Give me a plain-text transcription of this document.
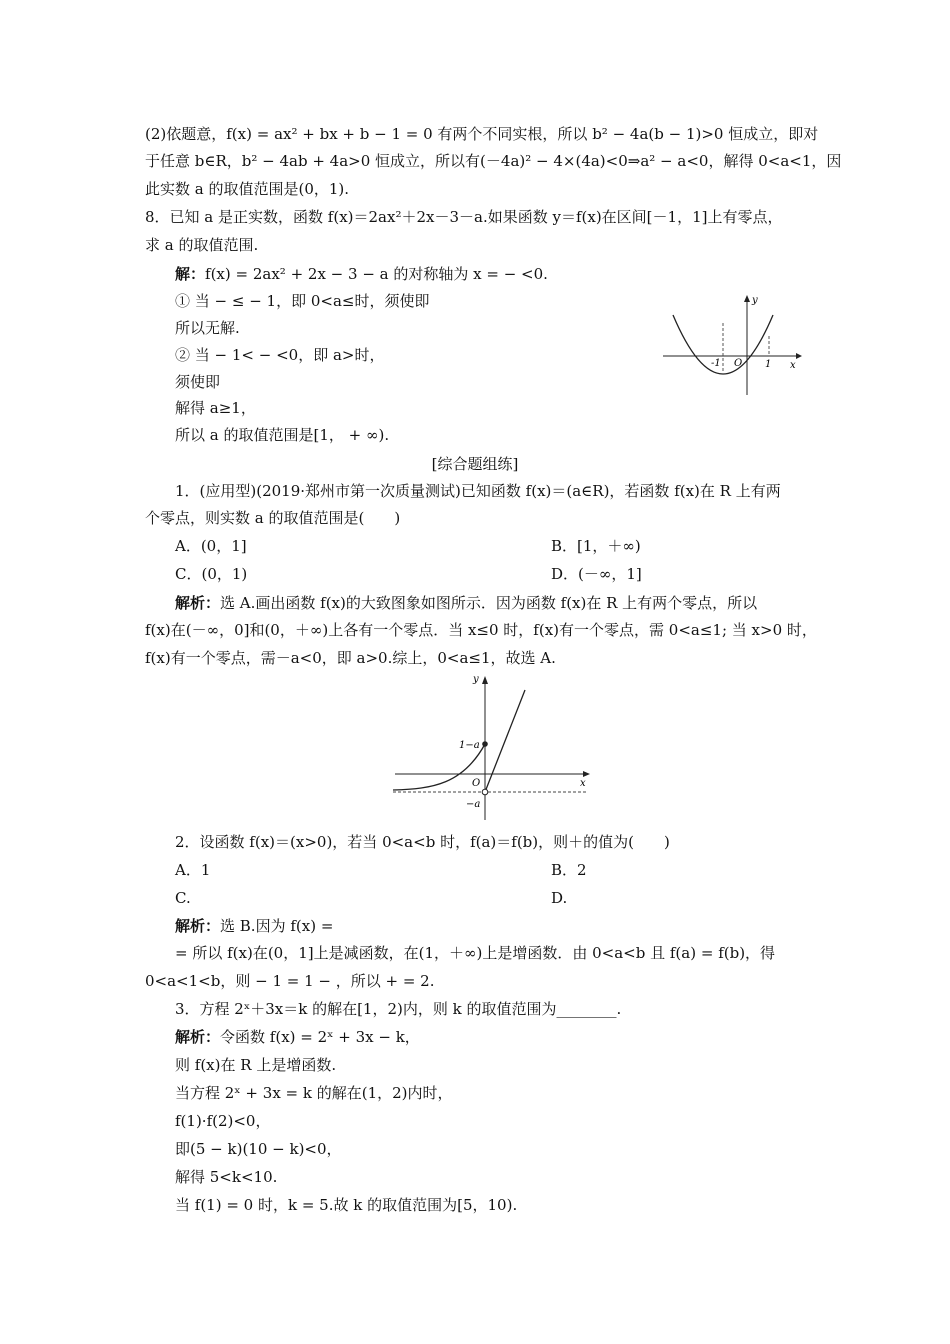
(2)依题意，f(x) = ax² + bx + b − 1 = 0 有两个不同实根，所以 b² − 4a(b − 1)>0 恒成立，即对
于任意 b∈R，b² − 4ab + 4a>0 恒成立，所以有(－4a)² − 4×(4a)<0⇒a² − a<0，解得 0<a<1，因
此实数 a 的取值范围是(0，1).
8．已知 a 是正实数，函数 f(x)＝2ax²＋2x－3－a.如果函数 y＝f(x)在区间[－1，1]上有零点，
求 a 的取值范围.
解：f(x) = 2ax² + 2x − 3 − a 的对称轴为 x = − <0.
① 当 − ≤ − 1，即 0<a≤时，须使即
所以无解.
② 当 − 1< − <0，即 a>时，
须使即
解得 a≥1，
所以 a 的取值范围是[1， + ∞).
y
x
O
-1	1
[综合题组练]
1．(应用型)(2019·郑州市第一次质量测试)已知函数 f(x)＝(a∈R)，若函数 f(x)在 R 上有两
个零点，则实数 a 的取值范围是(　　)
A．(0，1]	B．[1，＋∞)
C．(0，1)	D．(－∞，1]
解析：选 A.画出函数 f(x)的大致图象如图所示．因为函数 f(x)在 R 上有两个零点，所以
f(x)在(－∞，0]和(0，＋∞)上各有一个零点．当 x≤0 时，f(x)有一个零点，需 0<a≤1; 当 x>0 时，
f(x)有一个零点，需－a<0，即 a>0.综上，0<a≤1，故选 A.
y
x
O
1−a
−a
2．设函数 f(x)＝(x>0)，若当 0<a<b 时，f(a)＝f(b)，则＋的值为(　　)
A．1	B．2
C.	D.
解析：选 B.因为 f(x) =
= 所以 f(x)在(0，1]上是减函数，在(1，＋∞)上是增函数．由 0<a<b 且 f(a) = f(b)，得
0<a<1<b，则 − 1 = 1 − ，所以 + = 2.
3．方程 2ˣ＋3x＝k 的解在[1，2)内，则 k 的取值范围为________.
解析：令函数 f(x) = 2ˣ + 3x − k，
则 f(x)在 R 上是增函数.
当方程 2ˣ + 3x = k 的解在(1，2)内时，
f(1)·f(2)<0，
即(5 − k)(10 − k)<0，
解得 5<k<10.
当 f(1) = 0 时，k = 5.故 k 的取值范围为[5，10).
